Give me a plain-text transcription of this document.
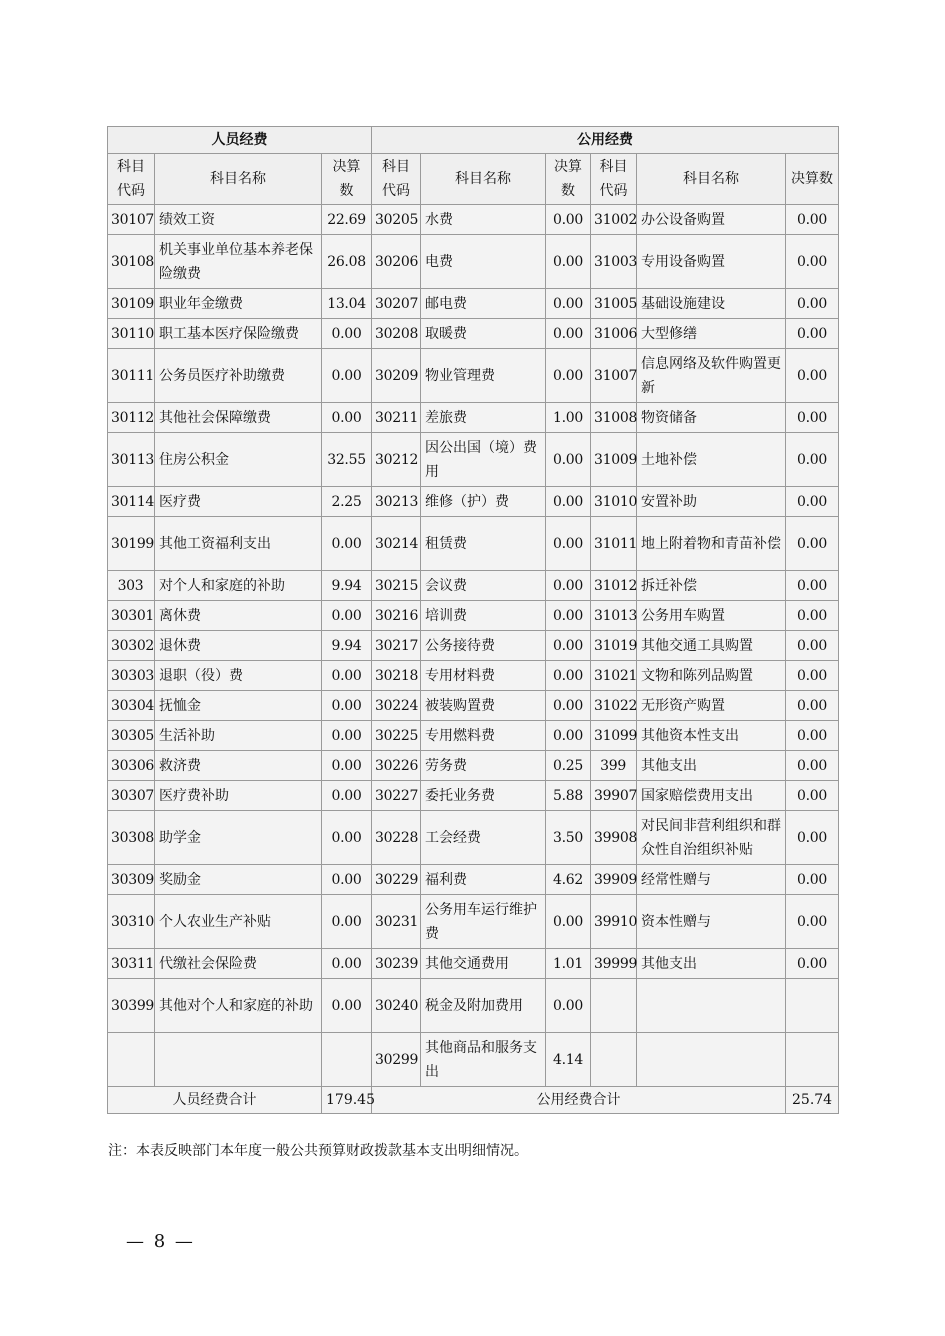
人员经费			公用经费					
科目代码	科目名称	决算数	科目代码	科目名称	决算数	科目代码	科目名称	决算数
30107	绩效工资	22.69	30205	水费	0.00	31002	办公设备购置	0.00
30108	机关事业单位基本养老保险缴费	26.08	30206	电费	0.00	31003	专用设备购置	0.00
30109	职业年金缴费	13.04	30207	邮电费	0.00	31005	基础设施建设	0.00
30110	职工基本医疗保险缴费	0.00	30208	取暖费	0.00	31006	大型修缮	0.00
30111	公务员医疗补助缴费	0.00	30209	物业管理费	0.00	31007	信息网络及软件购置更新	0.00
30112	其他社会保障缴费	0.00	30211	差旅费	1.00	31008	物资储备	0.00
30113	住房公积金	32.55	30212	因公出国（境）费用	0.00	31009	土地补偿	0.00
30114	医疗费	2.25	30213	维修（护）费	0.00	31010	安置补助	0.00
30199	其他工资福利支出	0.00	30214	租赁费	0.00	31011	地上附着物和青苗补偿	0.00
303	对个人和家庭的补助	9.94	30215	会议费	0.00	31012	拆迁补偿	0.00
30301	离休费	0.00	30216	培训费	0.00	31013	公务用车购置	0.00
30302	退休费	9.94	30217	公务接待费	0.00	31019	其他交通工具购置	0.00
30303	退职（役）费	0.00	30218	专用材料费	0.00	31021	文物和陈列品购置	0.00
30304	抚恤金	0.00	30224	被装购置费	0.00	31022	无形资产购置	0.00
30305	生活补助	0.00	30225	专用燃料费	0.00	31099	其他资本性支出	0.00
30306	救济费	0.00	30226	劳务费	0.25	399	其他支出	0.00
30307	医疗费补助	0.00	30227	委托业务费	5.88	39907	国家赔偿费用支出	0.00
30308	助学金	0.00	30228	工会经费	3.50	39908	对民间非营利组织和群众性自治组织补贴	0.00
30309	奖励金	0.00	30229	福利费	4.62	39909	经常性赠与	0.00
30310	个人农业生产补贴	0.00	30231	公务用车运行维护费	0.00	39910	资本性赠与	0.00
30311	代缴社会保险费	0.00	30239	其他交通费用	1.01	39999	其他支出	0.00
30399	其他对个人和家庭的补助	0.00	30240	税金及附加费用	0.00			
			30299	其他商品和服务支出	4.14			
人员经费合计		179.45	公用经费合计					25.74
注：本表反映部门本年度一般公共预算财政拨款基本支出明细情况。
— 8 —
